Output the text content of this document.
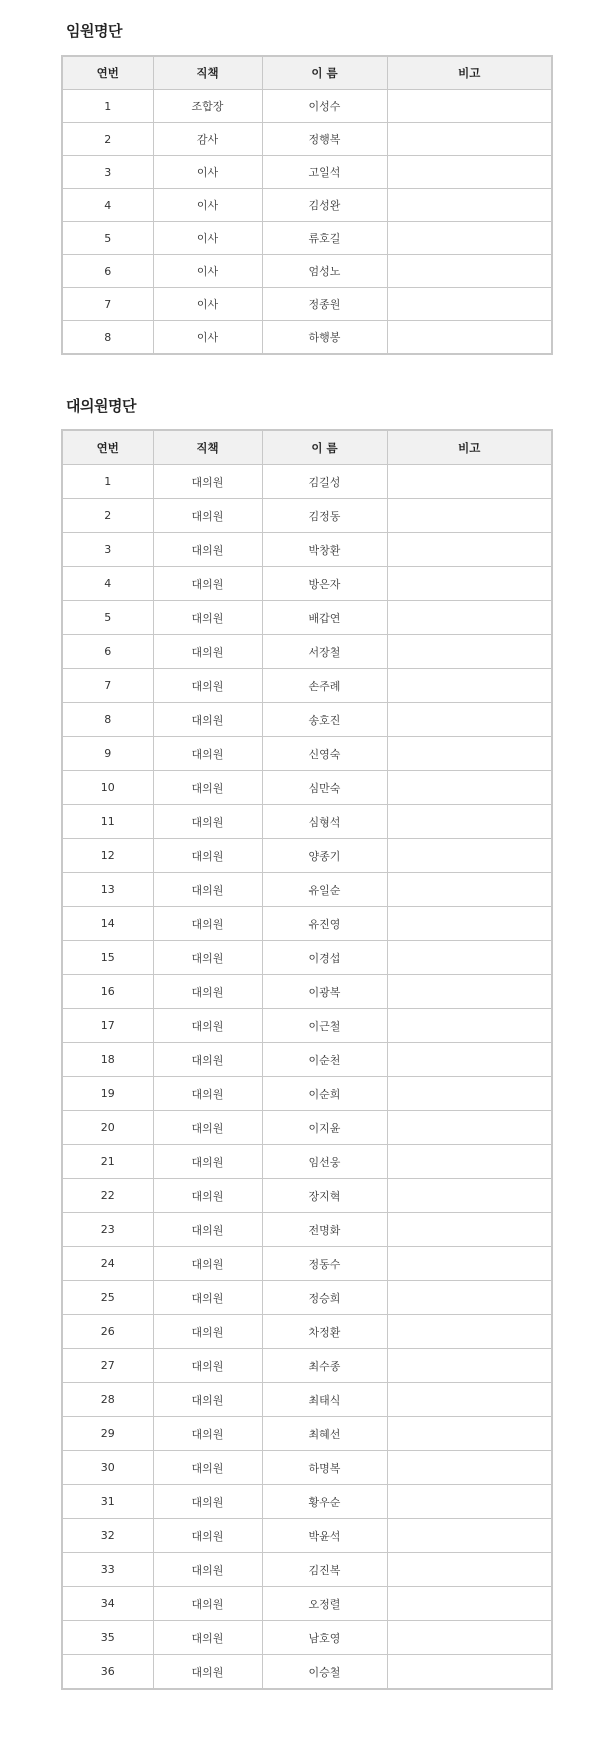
임원명단
연번	직책	이 름	비고
1	조합장	이성수	
2	감사	정행복	
3	이사	고일석	
4	이사	김성완	
5	이사	류호길	
6	이사	엄성노	
7	이사	정종원	
8	이사	하행봉	
대의원명단
연번	직책	이 름	비고
1	대의원	김길성	
2	대의원	김정동	
3	대의원	박창환	
4	대의원	방은자	
5	대의원	배갑연	
6	대의원	서장철	
7	대의원	손주례	
8	대의원	송호진	
9	대의원	신영숙	
10	대의원	심만숙	
11	대의원	심형석	
12	대의원	양종기	
13	대의원	유일순	
14	대의원	유진영	
15	대의원	이경섭	
16	대의원	이광복	
17	대의원	이근철	
18	대의원	이순천	
19	대의원	이순희	
20	대의원	이지윤	
21	대의원	임선웅	
22	대의원	장지혁	
23	대의원	전명화	
24	대의원	정동수	
25	대의원	정승희	
26	대의원	차정환	
27	대의원	최수종	
28	대의원	최태식	
29	대의원	최혜선	
30	대의원	하명복	
31	대의원	황우순	
32	대의원	박윤석	
33	대의원	김진복	
34	대의원	오정렬	
35	대의원	남호영	
36	대의원	이승철	
